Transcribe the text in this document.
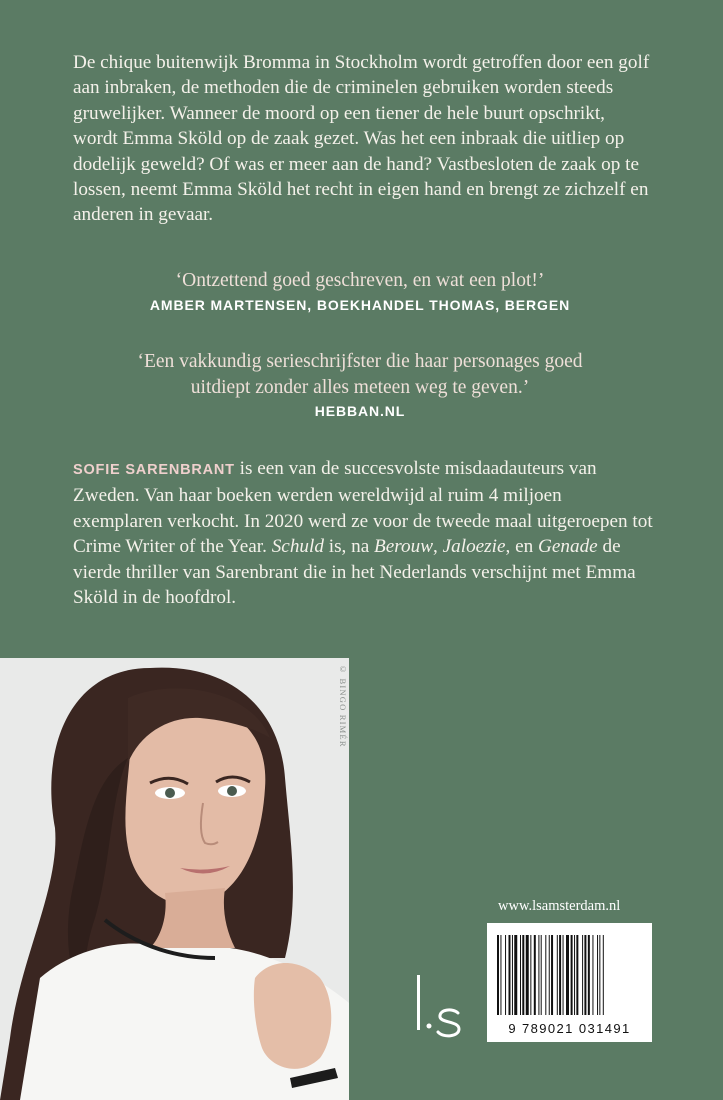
De chique buitenwijk Bromma in Stockholm wordt getroffen door een golf aan inbraken, de methoden die de criminelen gebruiken worden steeds gruwelijker. Wanneer de moord op een tiener de hele buurt opschrikt, wordt Emma Sköld op de zaak gezet. Was het een inbraak die uitliep op dodelijk geweld? Of was er meer aan de hand? Vastbesloten de zaak op te lossen, neemt Emma Sköld het recht in eigen hand en brengt ze zichzelf en anderen in gevaar.

‘Ontzettend goed geschreven, en wat een plot!’

AMBER MARTENSEN, BOEKHANDEL THOMAS, BERGEN

‘Een vakkundig serieschrijfster die haar personages goed uitdiept zonder alles meteen weg te geven.’

HEBBAN.NL

SOFIE SARENBRANT is een van de succesvolste misdaadauteurs van Zweden. Van haar boeken werden wereldwijd al ruim 4 miljoen exemplaren verkocht. In 2020 werd ze voor de tweede maal uitgeroepen tot Crime Writer of the Year. Schuld is, na Berouw, Jaloezie, en Genade de vierde thriller van Sarenbrant die in het Nederlands verschijnt met Emma Sköld in de hoofdrol.

© BINGO RIMÉR
www.lsamsterdam.nl
9 789021 031491
